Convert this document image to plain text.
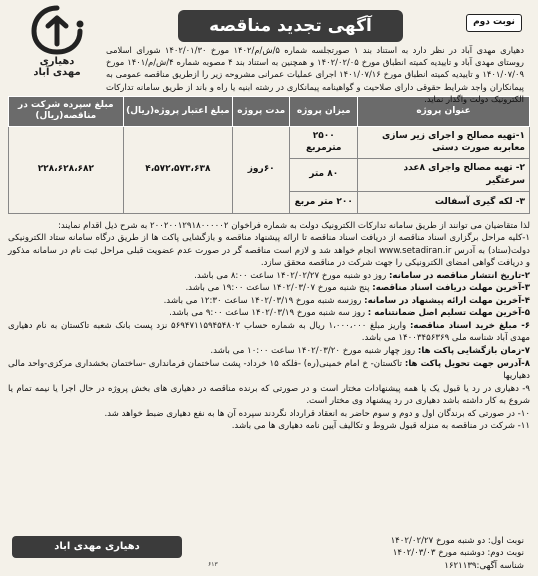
نوبت دوم
آگهی تجدید مناقصه
دهیاری
مهدی آباد

دهیاری مهدی آباد در نظر دارد به استناد بند ۱ صورتجلسه شماره ۵/ش/م/۱۴۰۲ مورخ ۱۴۰۲/۰۱/۳۰ شورای اسلامی روستای مهدی آباد و تاییدیه کمیته انطباق مورخ ۱۴۰۲/۰۲/۰۵ و همچنین به استناد بند ۴ مصوبه شماره ۴/ش/م/۱۴۰۱ مورخ ۱۴۰۱/۰۷/۰۹ و تاییدیه کمیته انطباق مورخ ۱۴۰۱/۰۷/۱۶ اجرای عملیات عمرانی مشروحه زیر را ازطریق مناقصه عمومی به پیمانکاران واجد شرایط حقوقی دارای صلاحیت و گواهینامه پیمانکاری در رشته ابنیه یا راه و باند از طریق سامانه تدارکات الکترونیک دولت واگذار نماید.

عنوان پروژه	میزان پروژه	مدت پروژه	مبلغ اعتبار پروژه(ریال)	مبلغ سپرده شرکت در مناقصه(ریال)
۱-تهیه مصالح و اجرای زیر سازی معابربه صورت دستی	۲۵۰۰ مترمربع	۶۰روز	۴،۵۷۲،۵۷۳،۶۳۸	۲۲۸،۶۲۸،۶۸۲
۲- تهیه مصالح واجرای ۸عدد سرعتگیر	۸۰ متر			
۳- لکه گیری آسفالت	۲۰۰ متر مربع			

لذا متقاضیان می توانند از طریق سامانه تدارکات الکترونیک دولت به شماره فراخوان ۲۰۰۲۰۰۱۲۹۱۸۰۰۰۰۰۲ به شرح ذیل اقدام نمایند:

۱-کلیه مراحل برگزاری اسناد مناقصه از دریافت اسناد مناقصه تا ارائه پیشنهاد مناقصه و بازگشایی پاکت ها از طریق درگاه سامانه ستاد الکترونیکی دولت(ستاد) به آدرس www.setadiran.ir انجام خواهد شد و لازم است مناقصه گر در صورت عدم عضویت قبلی مراحل ثبت نام در سامانه مذکور و دریافت گواهی امضای الکترونیکی را جهت شرکت در مناقصه محقق سازد.

۲-تاریخ انتشار مناقصه در سامانه: روز دو شنبه مورخ ۱۴۰۲/۰۲/۲۷ ساعت ۸:۰۰ می باشد.

۳-آخرین مهلت دریافت اسناد مناقصه: پنج شنبه مورخ ۱۴۰۲/۰۳/۰۷ ساعت ۱۹:۰۰ می باشد.

۴-آخرین مهلت ارائه پیشنهاد در سامانه: روزسه شنبه مورخ ۱۴۰۲/۰۳/۱۹ ساعت ۱۲:۳۰ می باشد.

۵-آخرین مهلت تسلیم اصل ضمانتنامه : روز سه شنبه مورخ ۱۴۰۲/۰۳/۱۹ ساعت ۹:۰۰ می باشد.

۶- مبلغ خرید اسناد مناقصه: واریز مبلغ ۱،۰۰۰،۰۰۰ ریال به شماره حساب ۵۶۹۴۷۱۱۵۹۴۵۴۸۰۲ نزد پست بانک شعبه تاکستان به نام دهیاری مهدی آباد شناسه ملی ۱۴۰۰۳۴۵۶۳۶۹ می باشد.

۷-زمان بازگشایی پاکت ها: روز چهار شنبه مورخ ۱۴۰۲/۰۳/۲۰ ساعت ۱۰:۰۰ می باشد.

۸-آدرس جهت تحویل پاکت ها: تاکستان- خ امام خمینی(ره) -فلکه ۱۵ خرداد- پشت ساختمان فرمانداری -ساختمان بخشداری مرکزی-واحد مالی دهیاریها

۹- دهیاری در رد یا قبول یک یا همه پیشنهادات مختار است و در صورتی که برنده مناقصه در دهیاری های بخش پروژه در حال اجرا یا نیمه تمام یا شروع به کار داشته باشد دهیاری در رد پیشنهاد وی مختار است.

۱۰- در صورتی که برندگان اول و دوم و سوم حاضر به انعقاد قرارداد نگردند سپرده آن ها به نفع دهیاری ضبط خواهد شد.

۱۱- شرکت در مناقصه به منزله قبول شروط و تکالیف آیین نامه دهیاری ها می باشد.

نوبت اول: دو شنبه مورخ ۱۴۰۲/۰۲/۲۷
نوبت دوم: دوشنبه مورخ ۱۴۰۲/۰۳/۰۳
شناسه آگهی:۱۶۲۱۱۳۹
دهیاری مهدی اباد
۶۱۳
